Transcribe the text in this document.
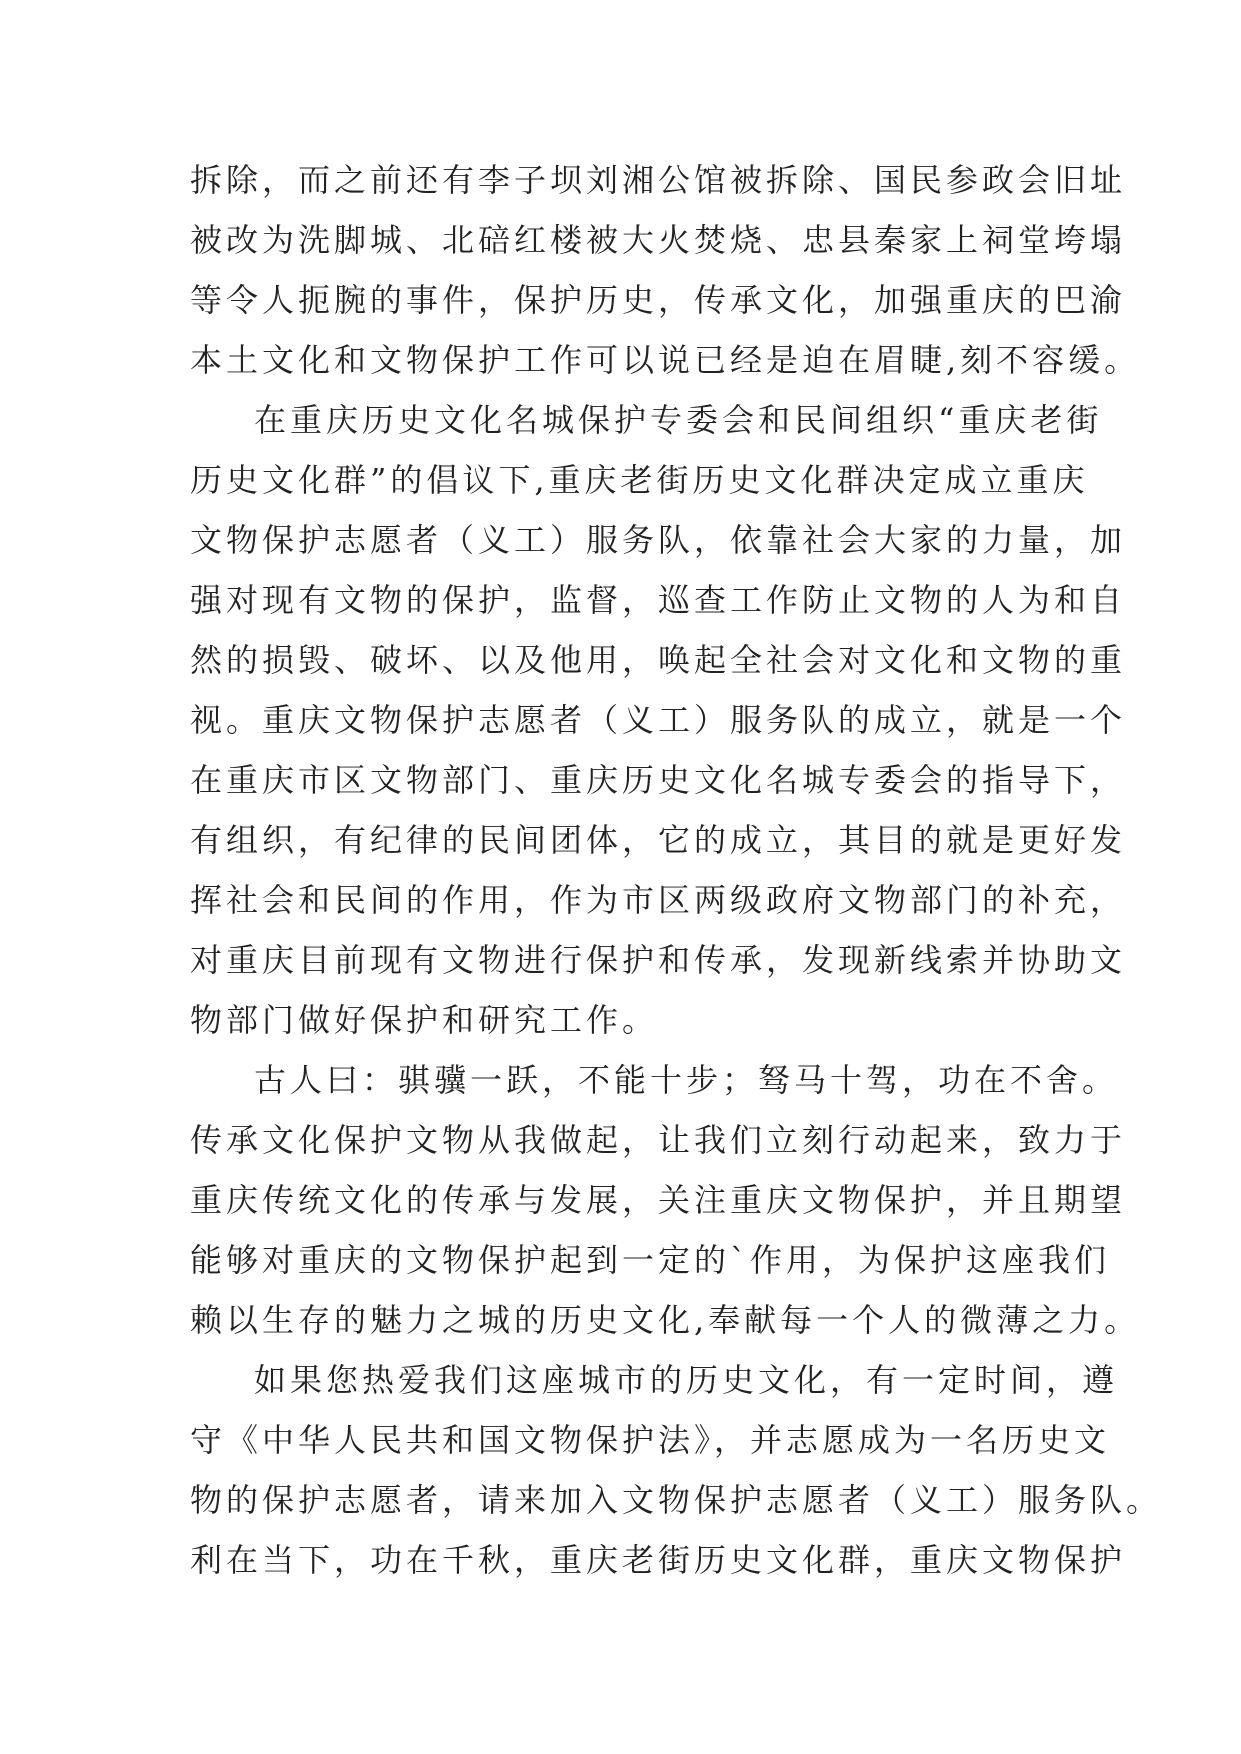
拆除，而之前还有李子坝刘湘公馆被拆除、国民参政会旧址
被改为洗脚城、北碚红楼被大火焚烧、忠县秦家上祠堂垮塌
等令人扼腕的事件，保护历史，传承文化，加强重庆的巴渝
本土文化和文物保护工作可以说已经是迫在眉睫,刻不容缓。
在重庆历史文化名城保护专委会和民间组织“重庆老街
历史文化群”的倡议下,重庆老街历史文化群决定成立重庆
文物保护志愿者（义工）服务队，依靠社会大家的力量，加
强对现有文物的保护，监督，巡查工作防止文物的人为和自
然的损毁、破坏、以及他用，唤起全社会对文化和文物的重
视。重庆文物保护志愿者（义工）服务队的成立，就是一个
在重庆市区文物部门、重庆历史文化名城专委会的指导下，
有组织，有纪律的民间团体，它的成立，其目的就是更好发
挥社会和民间的作用，作为市区两级政府文物部门的补充，
对重庆目前现有文物进行保护和传承，发现新线索并协助文
物部门做好保护和研究工作。
古人曰：骐骥一跃，不能十步；驽马十驾，功在不舍。
传承文化保护文物从我做起，让我们立刻行动起来，致力于
重庆传统文化的传承与发展，关注重庆文物保护，并且期望
能够对重庆的文物保护起到一定的`作用，为保护这座我们
赖以生存的魅力之城的历史文化,奉献每一个人的微薄之力。
如果您热爱我们这座城市的历史文化，有一定时间，遵
守《中华人民共和国文物保护法》，并志愿成为一名历史文
物的保护志愿者，请来加入文物保护志愿者（义工）服务队。
利在当下，功在千秋，重庆老街历史文化群，重庆文物保护
